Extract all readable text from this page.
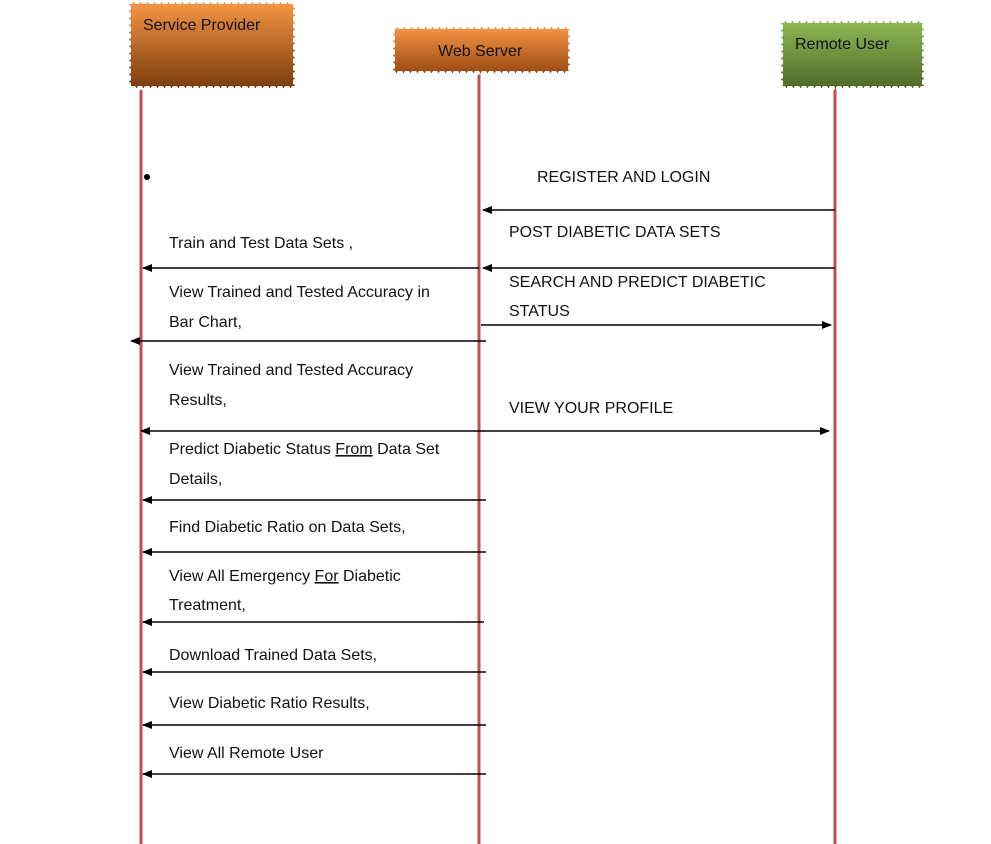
Service Provider
Web Server	Remote User
REGISTER AND LOGIN
POST DIABETIC DATA SETS
SEARCH AND PREDICT DIABETIC
STATUS
VIEW YOUR PROFILE
Train and Test Data Sets ,
View Trained and Tested Accuracy in
Bar Chart,
View Trained and Tested Accuracy
Results,
Predict Diabetic Status From Data Set
Details,
Find Diabetic Ratio on Data Sets,
View All Emergency For Diabetic
Treatment,
Download Trained Data Sets,
View Diabetic Ratio Results,
View All Remote User
